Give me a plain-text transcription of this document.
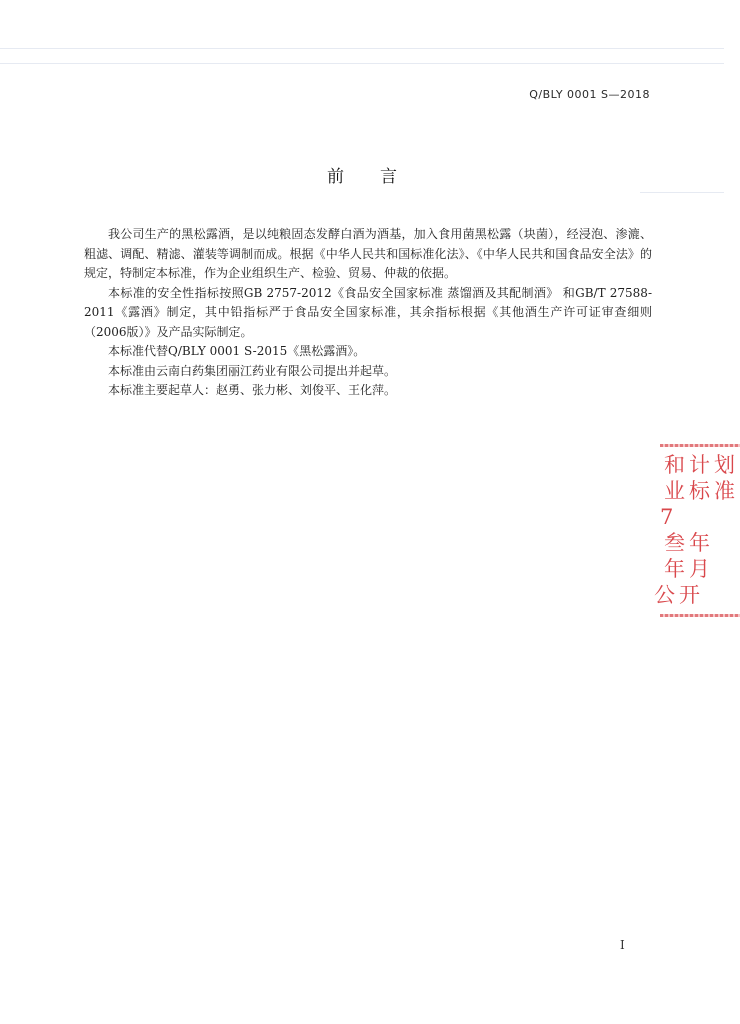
Q/BLY 0001 S—2018
前言

我公司生产的黑松露酒，是以纯粮固态发酵白酒为酒基，加入食用菌黑松露（块菌），经浸泡、渗漉、粗滤、调配、精滤、灌装等调制而成。根据《中华人民共和国标准化法》、《中华人民共和国食品安全法》的规定，特制定本标准，作为企业组织生产、检验、贸易、仲裁的依据。

本标准的安全性指标按照GB 2757-2012《食品安全国家标准 蒸馏酒及其配制酒》 和GB/T 27588-2011《露酒》制定，其中铅指标严于食品安全国家标准，其余指标根据《其他酒生产许可证审查细则（2006版）》及产品实际制定。

本标准代替Q/BLY 0001 S-2015《黑松露酒》。

本标准由云南白药集团丽江药业有限公司提出并起草。

本标准主要起草人：赵勇、张力彬、刘俊平、王化萍。

和计划
业标准
7
叁年
年月
公开
I
